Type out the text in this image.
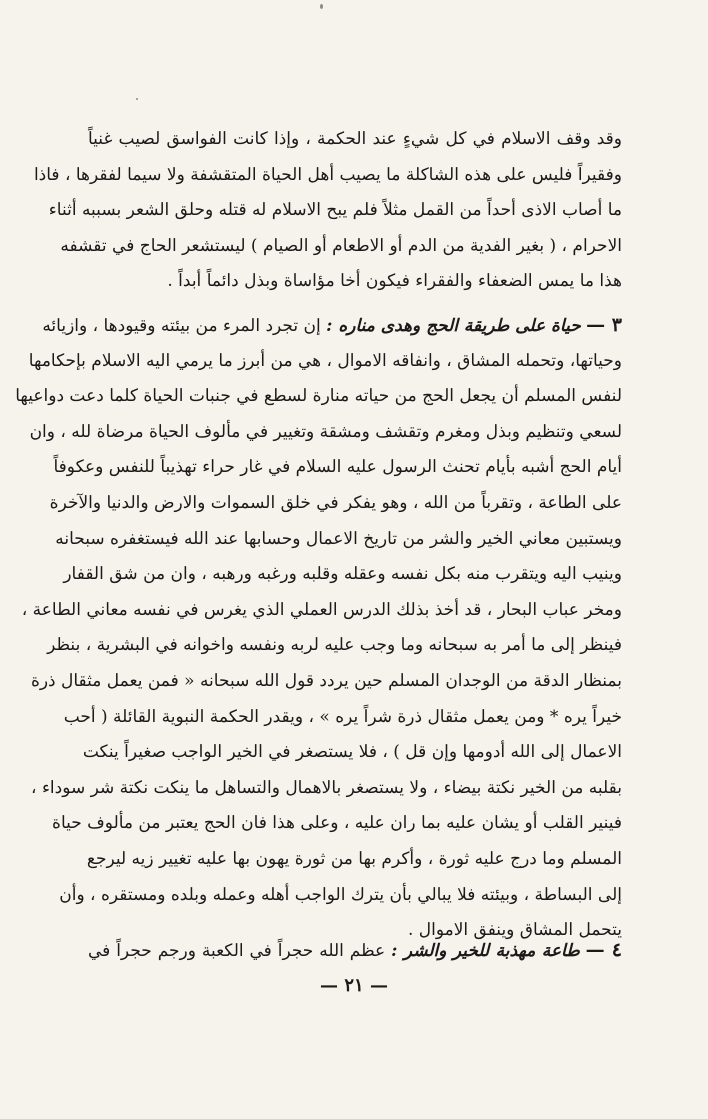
وقد وقف الاسلام في كل شيءٍ عند الحكمة ، وإذا كانت الفواسق لصيب غنياً
وفقيراً فليس على هذه الشاكلة ما يصيب أهل الحياة المتقشفة ولا سيما لفقرها ، فاذا
ما أصاب الاذى أحداً من القمل مثلاً فلم يبح الاسلام له قتله وحلق الشعر بسببه أثناء
الاحرام ، ( بغير الفدية من الدم أو الاطعام أو الصيام ) ليستشعر الحاج في تقشفه
هذا ما يمس الضعفاء والفقراء فيكون أخا مؤاساة وبذل دائماً أبداً .
٣ — حياة على طريقة الحج وهدى مناره : إن تجرد المرء من بيئته وقيودها ، وازيائه
وحياتها، وتحمله المشاق ، وانفاقه الاموال ، هي من أبرز ما يرمي اليه الاسلام بإحكامها
لنفس المسلم أن يجعل الحج من حياته منارة لسطع في جنبات الحياة كلما دعت دواعيها
لسعي وتنظيم وبذل ومغرم وتقشف ومشقة وتغيير في مألوف الحياة مرضاة لله ، وان
أيام الحج أشبه بأيام تحنث الرسول عليه السلام في غار حراء تهذيباً للنفس وعكوفاً
على الطاعة ، وتقرباً من الله ، وهو يفكر في خلق السموات والارض والدنيا والآخرة
ويستبين معاني الخير والشر من تاريخ الاعمال وحسابها عند الله فيستغفره سبحانه
وينيب اليه ويتقرب منه بكل نفسه وعقله وقلبه ورغبه ورهبه ، وان من شق القفار
ومخر عباب البحار ، قد أخذ بذلك الدرس العملي الذي يغرس في نفسه معاني الطاعة ،
فينظر إلى ما أمر به سبحانه وما وجب عليه لربه ونفسه واخوانه في البشرية ، بنظر
بمنظار الدقة من الوجدان المسلم حين يردد قول الله سبحانه « فمن يعمل مثقال ذرة
خيراً يره * ومن يعمل مثقال ذرة شراً يره » ، ويقدر الحكمة النبوية القائلة ( أحب
الاعمال إلى الله أدومها وإن قل ) ، فلا يستصغر في الخير الواجب صغيراً ينكت
بقلبه من الخير نكتة بيضاء ، ولا يستصغر بالاهمال والتساهل ما ينكت نكتة شر سوداء ،
فينير القلب أو يشان عليه بما ران عليه ، وعلى هذا فان الحج يعتبر من مألوف حياة
المسلم وما درج عليه ثورة ، وأكرم بها من ثورة يهون بها عليه تغيير زيه ليرجع
إلى البساطة ، وبيئته فلا يبالي بأن يترك الواجب أهله وعمله وبلده ومستقره ، وأن
يتحمل المشاق وينفق الاموال .
٤ — طاعة مهذبة للخير والشر : عظم الله حجراً في الكعبة ورجم حجراً في
— ٢١ —
